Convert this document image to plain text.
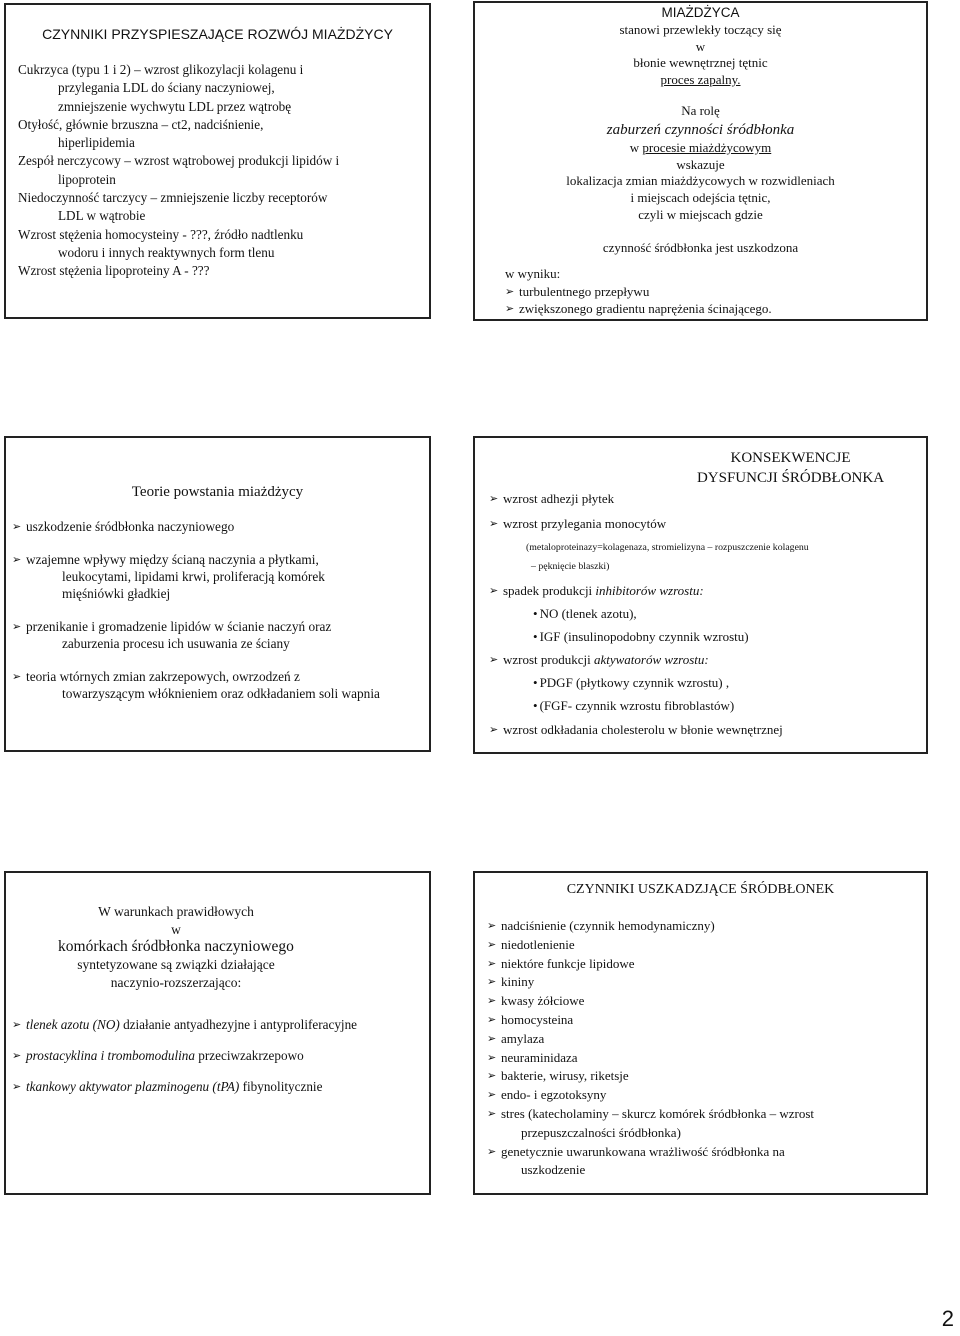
CZYNNIKI PRZYSPIESZAJĄCE ROZWÓJ MIAŻDŻYCY
Cukrzyca (typu 1 i 2) – wzrost glikozylacji kolagenu i
przylegania LDL do ściany naczyniowej,
zmniejszenie wychwytu LDL przez wątrobę
Otyłość, głównie brzuszna – ct2, nadciśnienie,
hiperlipidemia
Zespół nerczycowy – wzrost wątrobowej produkcji lipidów i
lipoprotein
Niedoczynność tarczycy – zmniejszenie liczby receptorów
LDL w wątrobie
Wzrost stężenia homocysteiny - ???, źródło nadtlenku
wodoru i innych reaktywnych form tlenu
Wzrost stężenia lipoproteiny A - ???
MIAŻDŻYCA
stanowi przewlekły toczący się
w
błonie wewnętrznej tętnic
proces zapalny.
Na rolę
zaburzeń czynności śródbłonka
w procesie miażdżycowym
wskazuje
lokalizacja zmian miażdżycowych w rozwidleniach
i miejscach odejścia tętnic,
czyli w miejscach gdzie
czynność śródbłonka jest uszkodzona
w wyniku:
➢ turbulentnego przepływu
➢ zwiększonego gradientu naprężenia ścinającego.
Teorie powstania miażdżycy
➢ uszkodzenie śródbłonka naczyniowego
➢ wzajemne wpływy między ścianą naczynia a płytkami,
leukocytami, lipidami krwi, proliferacją komórek
mięśniówki gładkiej
➢ przenikanie i gromadzenie lipidów w ścianie naczyń oraz
zaburzenia procesu ich usuwania ze ściany
➢ teoria wtórnych zmian zakrzepowych, owrzodzeń z
towarzyszącym włóknieniem oraz odkładaniem soli wapnia
KONSEKWENCJE
DYSFUNCJI ŚRÓDBŁONKA
➢ wzrost adhezji płytek
➢ wzrost przylegania monocytów
(metaloproteinazy=kolagenaza, stromielizyna – rozpuszczenie kolagenu
– pęknięcie blaszki)
➢ spadek produkcji inhibitorów wzrostu:
• NO (tlenek azotu),
• IGF (insulinopodobny czynnik wzrostu)
➢ wzrost produkcji aktywatorów wzrostu:
• PDGF (płytkowy czynnik wzrostu) ,
• (FGF- czynnik wzrostu fibroblastów)
➢ wzrost odkładania cholesterolu w błonie wewnętrznej
W warunkach prawidłowych
w
komórkach śródbłonka naczyniowego
syntetyzowane są związki działające
naczynio-rozszerzająco:
➢ tlenek azotu (NO) działanie antyadhezyjne i antyproliferacyjne
➢ prostacyklina i trombomodulina przeciwzakrzepowo
➢ tkankowy aktywator plazminogenu (tPA) fibynolitycznie
CZYNNIKI USZKADZJĄCE ŚRÓDBŁONEK
➢ nadciśnienie (czynnik hemodynamiczny)
➢ niedotlenienie
➢ niektóre funkcje lipidowe
➢ kininy
➢ kwasy żółciowe
➢ homocysteina
➢ amylaza
➢ neuraminidaza
➢ bakterie, wirusy, riketsje
➢ endo- i egzotoksyny
➢ stres (katecholaminy – skurcz komórek śródbłonka – wzrost
przepuszczalności śródbłonka)
➢ genetycznie uwarunkowana wrażliwość śródbłonka na
uszkodzenie
2
